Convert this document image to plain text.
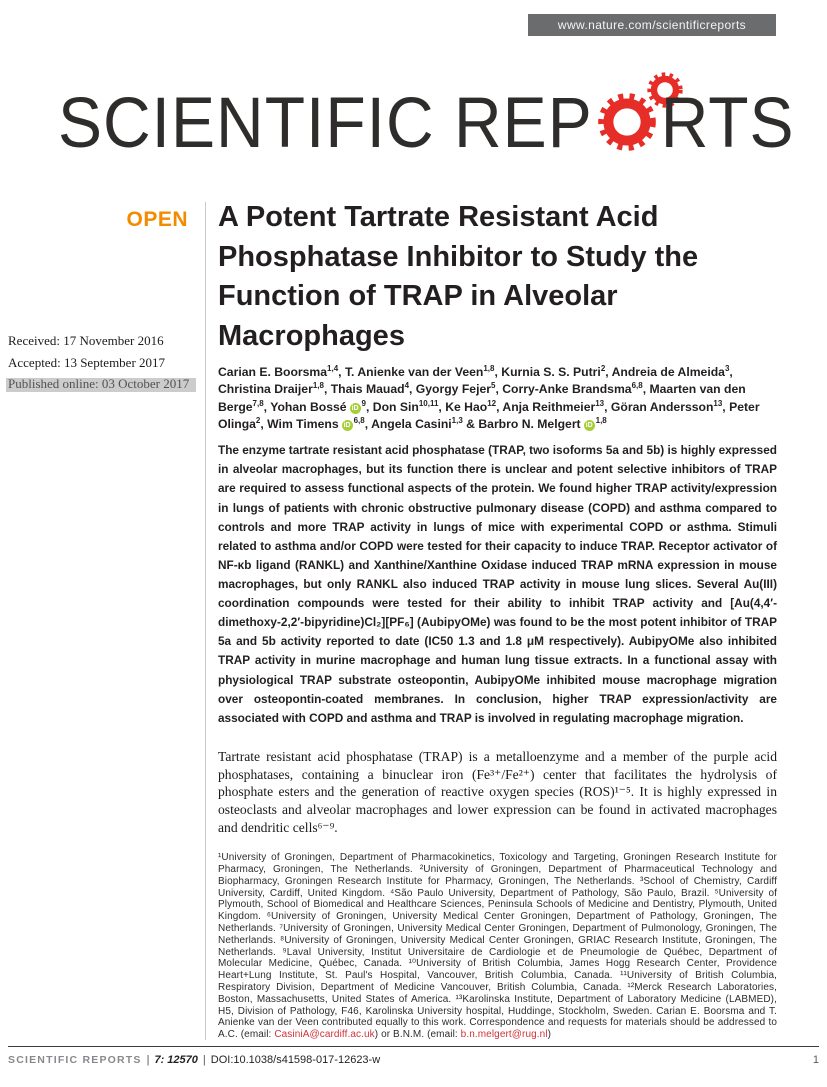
www.nature.com/scientificreports
SCIENTIFIC REP RTS
OPEN
Received: 17 November 2016
Accepted: 13 September 2017
Published online: 03 October 2017
A Potent Tartrate Resistant Acid Phosphatase Inhibitor to Study the Function of TRAP in Alveolar Macrophages

Carian E. Boorsma$^{1,4}$, T. Anienke van der Veen$^{1,8}$, Kurnia S. S. Putri$^2$, Andreia de Almeida$^3$, Christina Draijer$^{1,8}$, Thais Mauad$^4$, Gyorgy Fejer$^5$, Corry-Anke Brandsma$^{6,8}$, Maarten van den Berge$^{7,8}$, Yohan Bossé $iD^9$, Don Sin$^{10,11}$, Ke Hao$^{12}$, Anja Reithmeier$^{13}$, Göran Andersson$^{13}$, Peter Olinga$^2$, Wim Timens iD$^{6,8}$, Angela Casini$^{1,3}$ & Barbro N. Melgert iD$^{1,8}$

The enzyme tartrate resistant acid phosphatase (TRAP, two isoforms 5a and 5b) is highly expressed in alveolar macrophages, but its function there is unclear and potent selective inhibitors of TRAP are required to assess functional aspects of the protein. We found higher TRAP activity/expression in lungs of patients with chronic obstructive pulmonary disease (COPD) and asthma compared to controls and more TRAP activity in lungs of mice with experimental COPD or asthma. Stimuli related to asthma and/or COPD were tested for their capacity to induce TRAP. Receptor activator of NF-κb ligand (RANKL) and Xanthine/Xanthine Oxidase induced TRAP mRNA expression in mouse macrophages, but only RANKL also induced TRAP activity in mouse lung slices. Several Au(III) coordination compounds were tested for their ability to inhibit TRAP activity and [Au(4,4′-dimethoxy-2,2′-bipyridine)Cl₂][PF₆] (AubipyOMe) was found to be the most potent inhibitor of TRAP 5a and 5b activity reported to date (IC50 1.3 and 1.8 μM respectively). AubipyOMe also inhibited TRAP activity in murine macrophage and human lung tissue extracts. In a functional assay with physiological TRAP substrate osteopontin, AubipyOMe inhibited mouse macrophage migration over osteopontin-coated membranes. In conclusion, higher TRAP expression/activity are associated with COPD and asthma and TRAP is involved in regulating macrophage migration.

Tartrate resistant acid phosphatase (TRAP) is a metalloenzyme and a member of the purple acid phosphatases, containing a binuclear iron (Fe³⁺/Fe²⁺) center that facilitates the hydrolysis of phosphate esters and the generation of reactive oxygen species (ROS)¹⁻⁵. It is highly expressed in osteoclasts and alveolar macrophages and lower expression can be found in activated macrophages and dendritic cells⁶⁻⁹.

¹University of Groningen, Department of Pharmacokinetics, Toxicology and Targeting, Groningen Research Institute for Pharmacy, Groningen, The Netherlands. ²University of Groningen, Department of Pharmaceutical Technology and Biopharmacy, Groningen Research Institute for Pharmacy, Groningen, The Netherlands. ³School of Chemistry, Cardiff University, Cardiff, United Kingdom. ⁴São Paulo University, Department of Pathology, São Paulo, Brazil. ⁵University of Plymouth, School of Biomedical and Healthcare Sciences, Peninsula Schools of Medicine and Dentistry, Plymouth, United Kingdom. ⁶University of Groningen, University Medical Center Groningen, Department of Pathology, Groningen, The Netherlands. ⁷University of Groningen, University Medical Center Groningen, Department of Pulmonology, Groningen, The Netherlands. ⁸University of Groningen, University Medical Center Groningen, GRIAC Research Institute, Groningen, The Netherlands. ⁹Laval University, Institut Universitaire de Cardiologie et de Pneumologie de Québec, Department of Molecular Medicine, Québec, Canada. ¹⁰University of British Columbia, James Hogg Research Center, Providence Heart+Lung Institute, St. Paul's Hospital, Vancouver, British Columbia, Canada. ¹¹University of British Columbia, Respiratory Division, Department of Medicine Vancouver, British Columbia, Canada. ¹²Merck Research Laboratories, Boston, Massachusetts, United States of America. ¹³Karolinska Institute, Department of Laboratory Medicine (LABMED), H5, Division of Pathology, F46, Karolinska University hospital, Huddinge, Stockholm, Sweden. Carian E. Boorsma and T. Anienke van der Veen contributed equally to this work. Correspondence and requests for materials should be addressed to A.C. (email: CasiniA@cardiff.ac.uk) or B.N.M. (email: b.n.melgert@rug.nl)

SCIENTIFIC REPORTS | 7: 12570 | DOI:10.1038/s41598-017-12623-w	1
